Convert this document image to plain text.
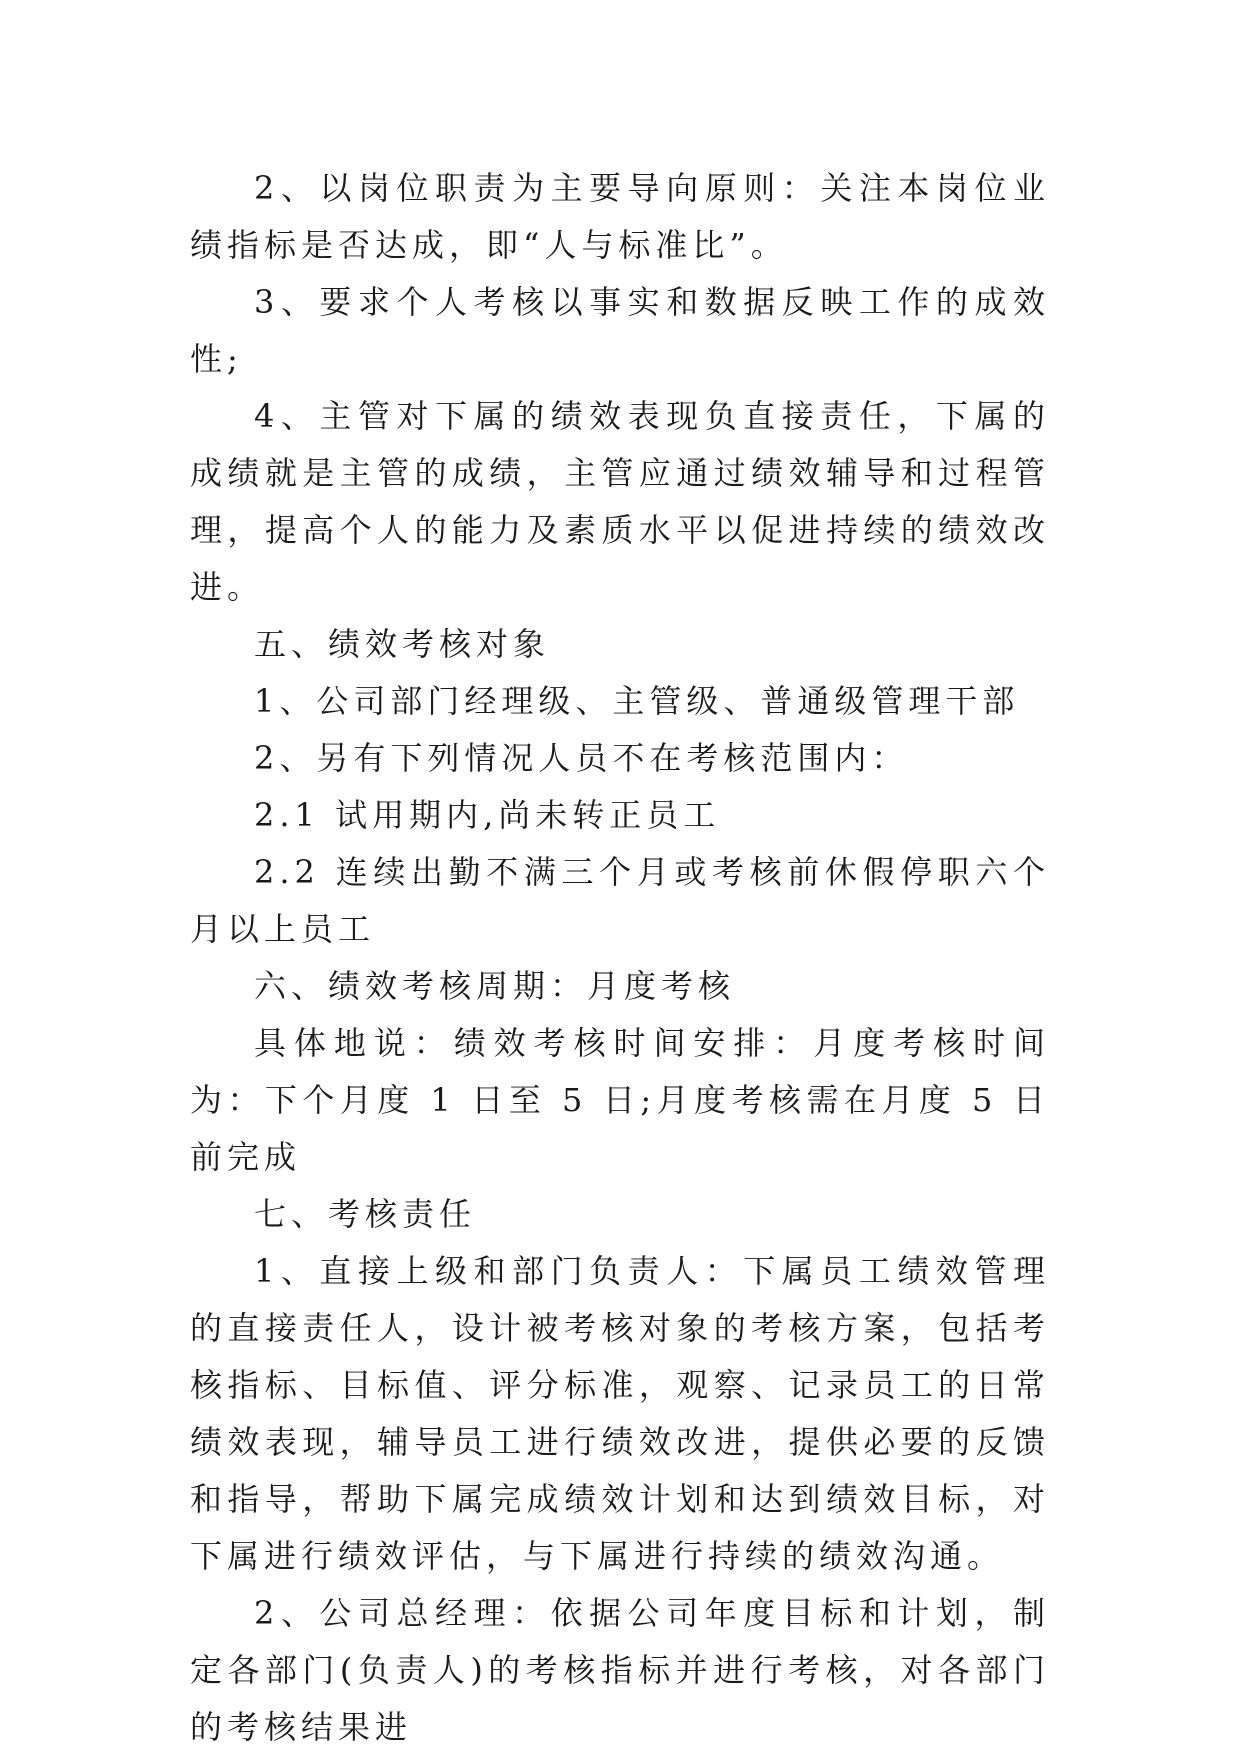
2、以岗位职责为主要导向原则：关注本岗位业绩指标是否达成，即“人与标准比”。

3、要求个人考核以事实和数据反映工作的成效性;

4、主管对下属的绩效表现负直接责任，下属的成绩就是主管的成绩，主管应通过绩效辅导和过程管理，提高个人的能力及素质水平以促进持续的绩效改进。

五、绩效考核对象

1、公司部门经理级、主管级、普通级管理干部

2、另有下列情况人员不在考核范围内：

2.1 试用期内,尚未转正员工

2.2 连续出勤不满三个月或考核前休假停职六个月以上员工

六、绩效考核周期：月度考核

具体地说：绩效考核时间安排：月度考核时间为：下个月度 1 日至 5 日;月度考核需在月度 5 日前完成

七、考核责任

1、直接上级和部门负责人：下属员工绩效管理的直接责任人，设计被考核对象的考核方案，包括考核指标、目标值、评分标准，观察、记录员工的日常绩效表现，辅导员工进行绩效改进，提供必要的反馈和指导，帮助下属完成绩效计划和达到绩效目标，对下属进行绩效评估，与下属进行持续的绩效沟通。

2、公司总经理：依据公司年度目标和计划，制定各部门(负责人)的考核指标并进行考核，对各部门的考核结果进
